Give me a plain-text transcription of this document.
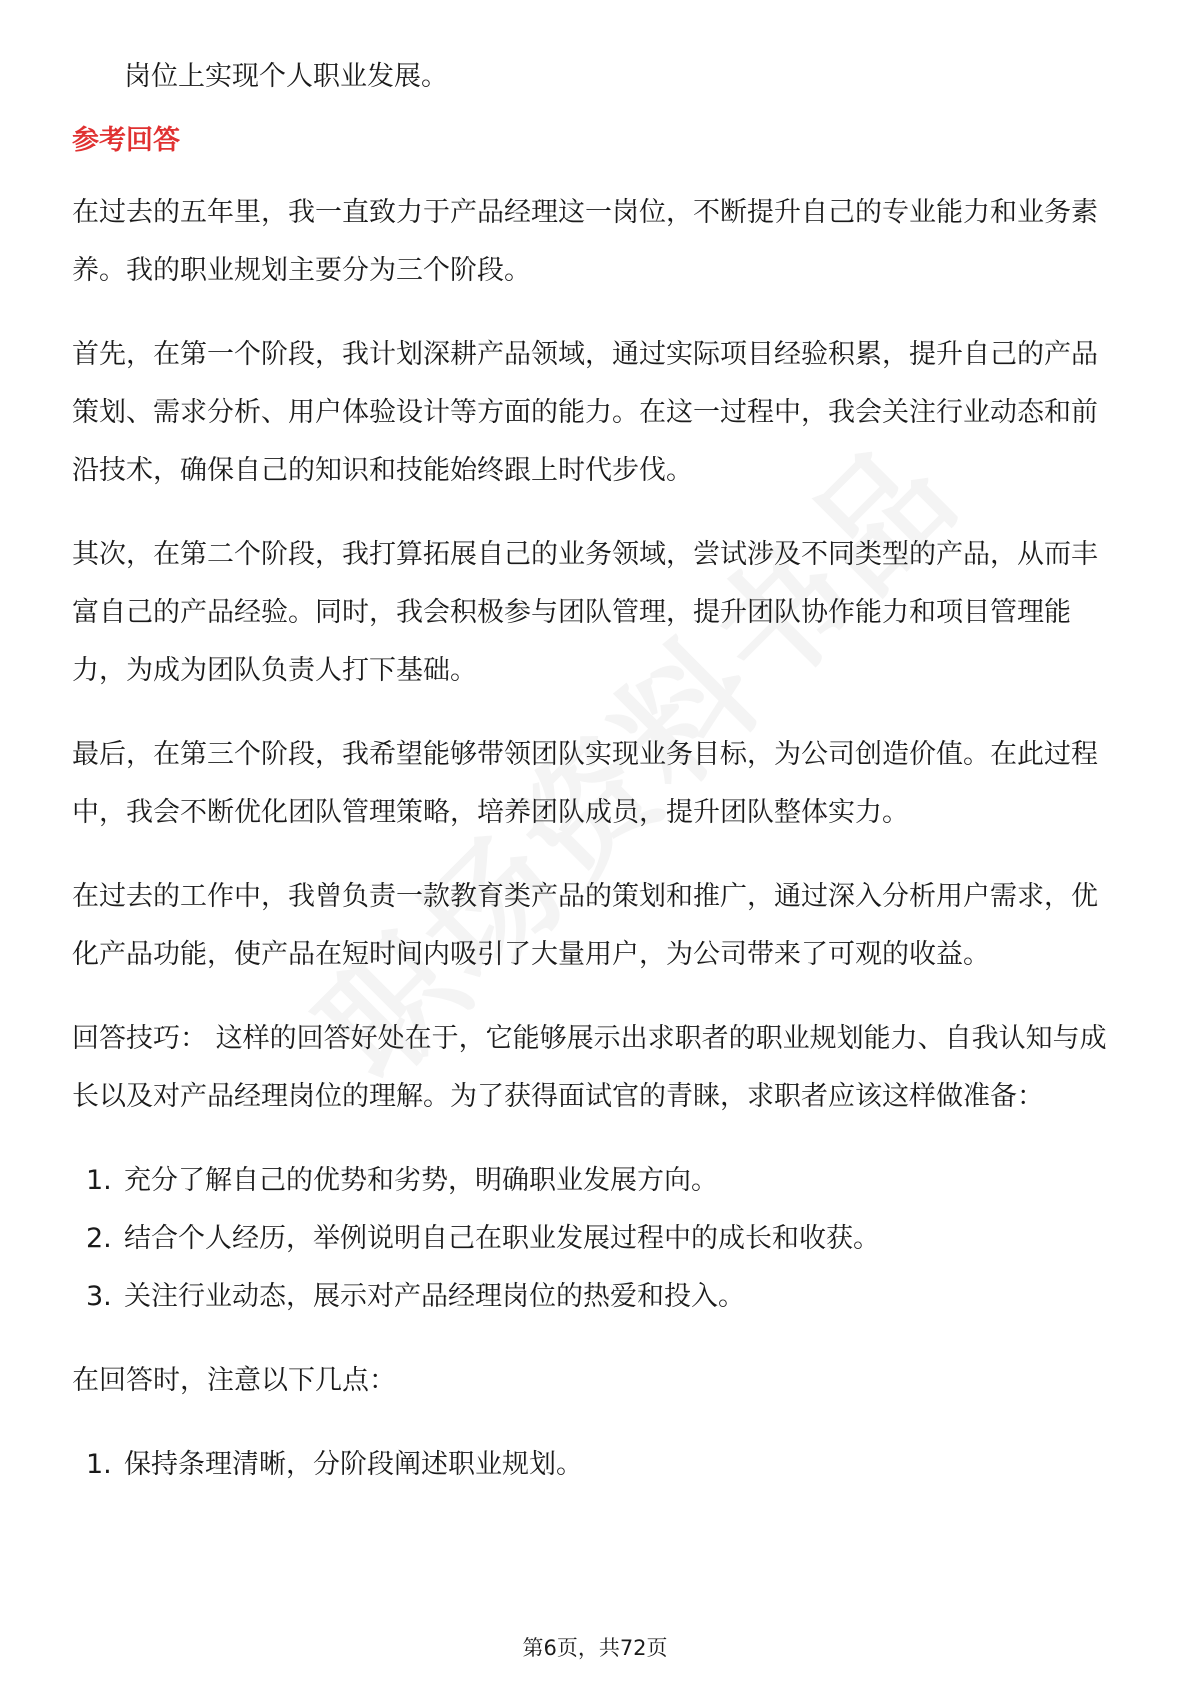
岗位上实现个人职业发展。

参考回答

在过去的五年里，我一直致力于产品经理这一岗位，不断提升自己的专业能力和业务素养。我的职业规划主要分为三个阶段。

首先，在第一个阶段，我计划深耕产品领域，通过实际项目经验积累，提升自己的产品策划、需求分析、用户体验设计等方面的能力。在这一过程中，我会关注行业动态和前沿技术，确保自己的知识和技能始终跟上时代步伐。

其次，在第二个阶段，我打算拓展自己的业务领域，尝试涉及不同类型的产品，从而丰富自己的产品经验。同时，我会积极参与团队管理，提升团队协作能力和项目管理能力，为成为团队负责人打下基础。

最后，在第三个阶段，我希望能够带领团队实现业务目标，为公司创造价值。在此过程中，我会不断优化团队管理策略，培养团队成员，提升团队整体实力。

在过去的工作中，我曾负责一款教育类产品的策划和推广，通过深入分析用户需求，优化产品功能，使产品在短时间内吸引了大量用户，为公司带来了可观的收益。

回答技巧： 这样的回答好处在于，它能够展示出求职者的职业规划能力、自我认知与成长以及对产品经理岗位的理解。为了获得面试官的青睐，求职者应该这样做准备：

1. 充分了解自己的优势和劣势，明确职业发展方向。
2. 结合个人经历，举例说明自己在职业发展过程中的成长和收获。
3. 关注行业动态，展示对产品经理岗位的热爱和投入。

在回答时，注意以下几点：

1. 保持条理清晰，分阶段阐述职业规划。
第6页，共72页
